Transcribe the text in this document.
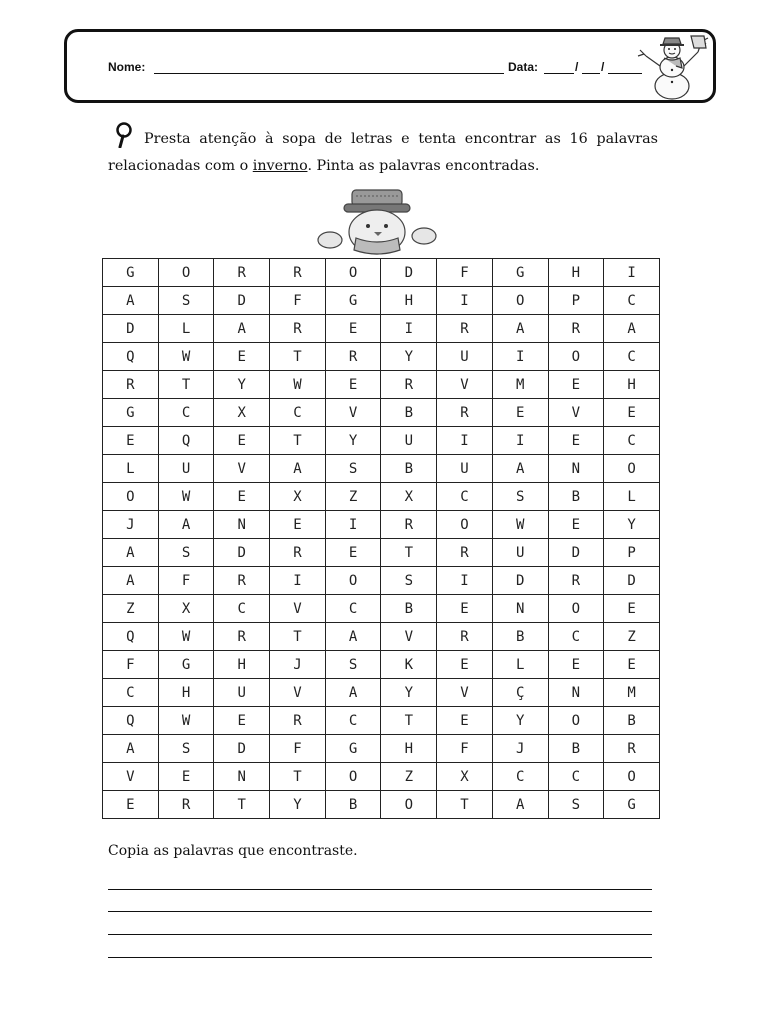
Nome:	Data:	/ /
Presta atenção à sopa de letras e tenta encontrar as 16 palavras relacionadas com o inverno. Pinta as palavras encontradas.
G	O	R	R	O	D	F	G	H	I
A	S	D	F	G	H	I	O	P	C
D	L	A	R	E	I	R	A	R	A
Q	W	E	T	R	Y	U	I	O	C
R	T	Y	W	E	R	V	M	E	H
G	C	X	C	V	B	R	E	V	E
E	Q	E	T	Y	U	I	I	E	C
L	U	V	A	S	B	U	A	N	O
O	W	E	X	Z	X	C	S	B	L
J	A	N	E	I	R	O	W	E	Y
A	S	D	R	E	T	R	U	D	P
A	F	R	I	O	S	I	D	R	D
Z	X	C	V	C	B	E	N	O	E
Q	W	R	T	A	V	R	B	C	Z
F	G	H	J	S	K	E	L	E	E
C	H	U	V	A	Y	V	Ç	N	M
Q	W	E	R	C	T	E	Y	O	B
A	S	D	F	G	H	F	J	B	R
V	E	N	T	O	Z	X	C	C	O
E	R	T	Y	B	O	T	A	S	G
Copia as palavras que encontraste.
